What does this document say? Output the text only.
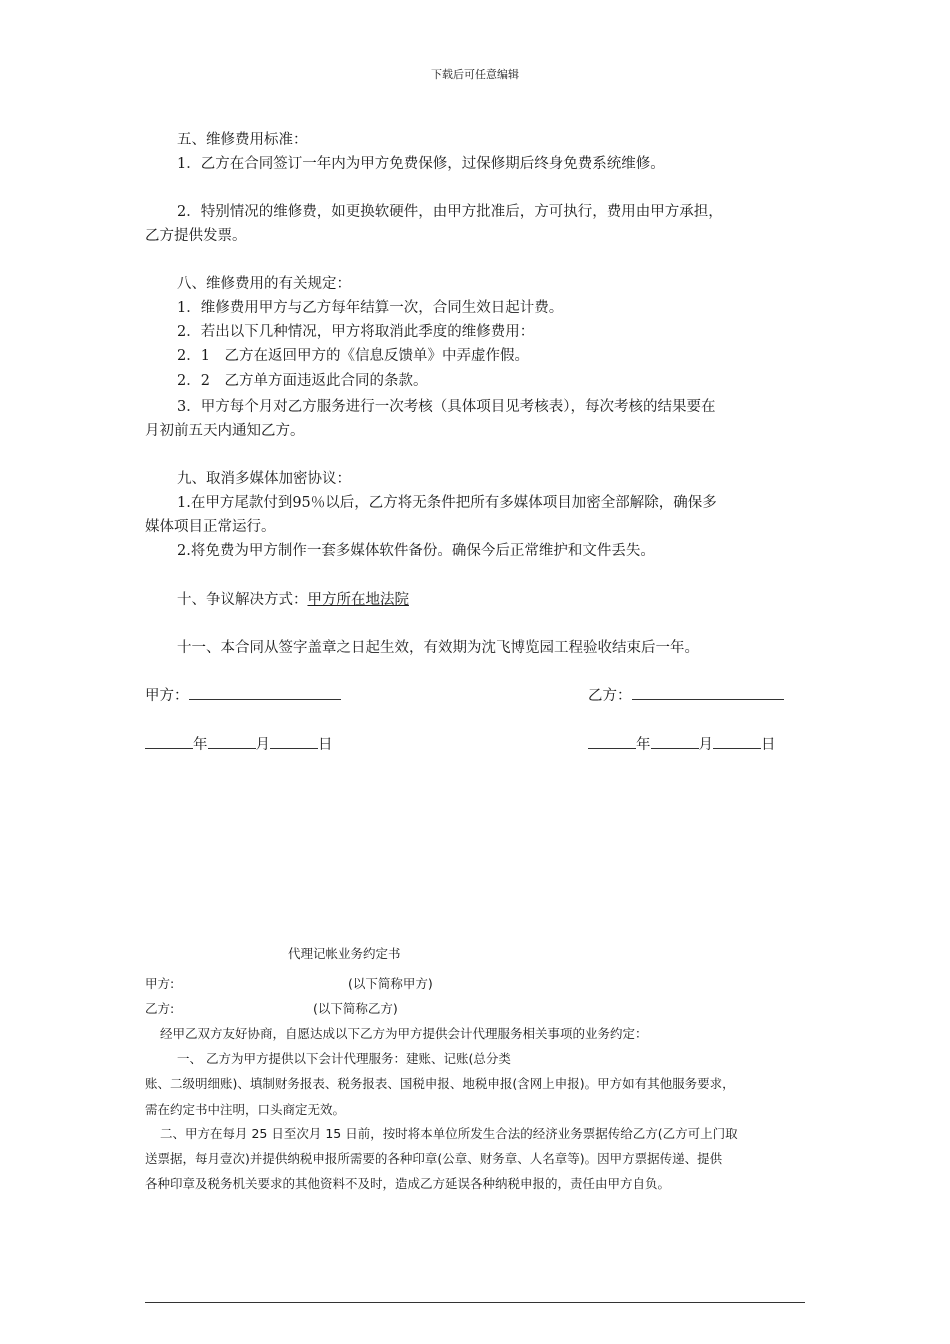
下载后可任意编辑
五、维修费用标准：
1．乙方在合同签订一年内为甲方免费保修，过保修期后终身免费系统维修。
2．特别情况的维修费，如更换软硬件，由甲方批准后，方可执行，费用由甲方承担，
乙方提供发票。
八、维修费用的有关规定：
1．维修费用甲方与乙方每年结算一次，合同生效日起计费。
2．若出以下几种情况，甲方将取消此季度的维修费用：
2．1　乙方在返回甲方的《信息反馈单》中弄虚作假。
2．2　乙方单方面违返此合同的条款。
3．甲方每个月对乙方服务进行一次考核（具体项目见考核表），每次考核的结果要在
月初前五天内通知乙方。
九、取消多媒体加密协议：
1.在甲方尾款付到95％以后，乙方将无条件把所有多媒体项目加密全部解除，确保多
媒体项目正常运行。
2.将免费为甲方制作一套多媒体软件备份。确保今后正常维护和文件丢失。
十、争议解决方式：甲方所在地法院
十一、本合同从签字盖章之日起生效，有效期为沈飞博览园工程验收结束后一年。
甲方：	乙方：
年	月	日	年	月	日
代理记帐业务约定书
甲方:	(以下简称甲方)
乙方:	(以下简称乙方)
经甲乙双方友好协商，自愿达成以下乙方为甲方提供会计代理服务相关事项的业务约定：
一、 乙方为甲方提供以下会计代理服务：建账、记账(总分类
账、二级明细账)、填制财务报表、税务报表、国税申报、地税申报(含网上申报)。甲方如有其他服务要求，
需在约定书中注明，口头商定无效。
二、甲方在每月 25 日至次月 15 日前，按时将本单位所发生合法的经济业务票据传给乙方(乙方可上门取
送票据，每月壹次)并提供纳税申报所需要的各种印章(公章、财务章、人名章等)。因甲方票据传递、提供
各种印章及税务机关要求的其他资料不及时，造成乙方延误各种纳税申报的，责任由甲方自负。
